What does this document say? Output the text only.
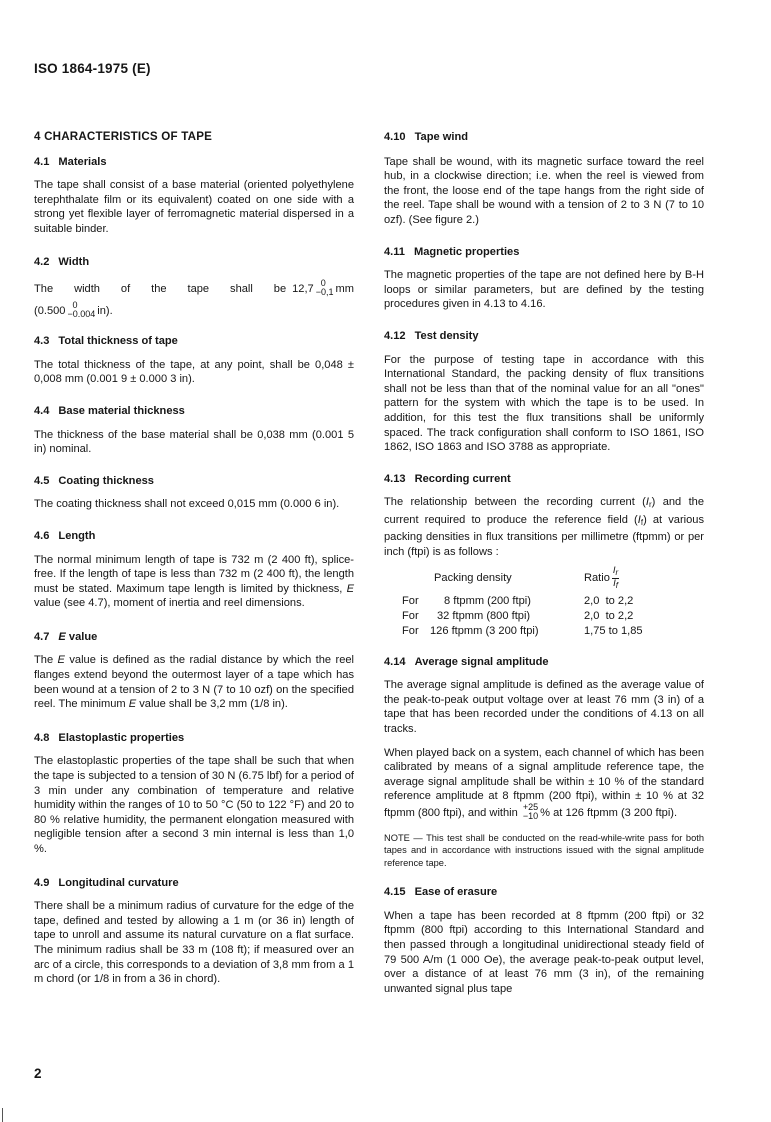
ISO 1864-1975 (E)
4 CHARACTERISTICS OF TAPE
4.1 Materials

The tape shall consist of a base material (oriented polyethylene terephthalate film or its equivalent) coated on one side with a strong yet flexible layer of ferromagnetic material dispersed in a suitable binder.

4.2 Width
The width of the tape shall be 12,7 0
−0,1 mm
(0.500 0
−0.004 in).
4.3 Total thickness of tape

The total thickness of the tape, at any point, shall be 0,048 ± 0,008 mm (0.001 9 ± 0.000 3 in).

4.4 Base material thickness

The thickness of the base material shall be 0,038 mm (0.001 5 in) nominal.

4.5 Coating thickness

The coating thickness shall not exceed 0,015 mm (0.000 6 in).

4.6 Length

The normal minimum length of tape is 732 m (2 400 ft), splice-free. If the length of tape is less than 732 m (2 400 ft), the length must be stated. Maximum tape length is limited by thickness, E value (see 4.7), moment of inertia and reel dimensions.

4.7 E value

The E value is defined as the radial distance by which the reel flanges extend beyond the outermost layer of a tape which has been wound at a tension of 2 to 3 N (7 to 10 ozf) on the specified reel. The minimum E value shall be 3,2 mm (1/8 in).

4.8 Elastoplastic properties

The elastoplastic properties of the tape shall be such that when the tape is subjected to a tension of 30 N (6.75 lbf) for a period of 3 min under any combination of temperature and relative humidity within the ranges of 10 to 50 °C (50 to 122 °F) and 20 to 80 % relative humidity, the permanent elongation measured with negligible tension after a second 3 min internal is less than 1,0 %.

4.9 Longitudinal curvature

There shall be a minimum radius of curvature for the edge of the tape, defined and tested by allowing a 1 m (or 36 in) length of tape to unroll and assume its natural curvature on a flat surface. The minimum radius shall be 33 m (108 ft); if measured over an arc of a circle, this corresponds to a deviation of 3,8 mm from a 1 m chord (or 1/8 in from a 36 in chord).

4.10 Tape wind

Tape shall be wound, with its magnetic surface toward the reel hub, in a clockwise direction; i.e. when the reel is viewed from the front, the loose end of the tape hangs from the right side of the reel. Tape shall be wound with a tension of 2 to 3 N (7 to 10 ozf). (See figure 2.)

4.11 Magnetic properties

The magnetic properties of the tape are not defined here by B-H loops or similar parameters, but are defined by the testing procedures given in 4.13 to 4.16.

4.12 Test density

For the purpose of testing tape in accordance with this International Standard, the packing density of flux transitions shall not be less than that of the nominal value for an all "ones" pattern for the system with which the tape is to be used. In addition, for this test the flux transitions shall be uniformly spaced. The track configuration shall conform to ISO 1861, ISO 1862, ISO 1863 and ISO 3788 as appropriate.

4.13 Recording current

The relationship between the recording current $(I_r)$ and the current required to produce the reference field $(I_f)$ at various packing densities in flux transitions per millimetre (ftpmm) or per inch (ftpi) is as follows :

Packing density	Ratio $\frac{I_r}{I_f}$
For 8 ftpmm (200 ftpi)	2,0  to 2,2
For 32 ftpmm (800 ftpi)	2,0  to 2,2
For 126 ftpmm (3 200 ftpi)	1,75 to 1,85
4.14 Average signal amplitude

The average signal amplitude is defined as the average value of the peak-to-peak output voltage over at least 76 mm (3 in) of a tape that has been recorded under the conditions of 4.13 on all tracks.

When played back on a system, each channel of which has been calibrated by means of a signal amplitude reference tape, the average signal amplitude shall be within ± 10 % of the standard reference amplitude at 8 ftpmm (200 ftpi), within ± 10 % at 32 ftpmm (800 ftpi), and within +25
−10 % at 126 ftpmm (3 200 ftpi).

NOTE — This test shall be conducted on the read-while-write pass for both tapes and in accordance with instructions issued with the signal amplitude reference tape.
4.15 Ease of erasure

When a tape has been recorded at 8 ftpmm (200 ftpi) or 32 ftpmm (800 ftpi) according to this International Standard and then passed through a longitudinal unidirectional steady field of 79 500 A/m (1 000 Oe), the average peak-to-peak output level, over a distance of at least 76 mm (3 in), of the remaining unwanted signal plus tape

2
